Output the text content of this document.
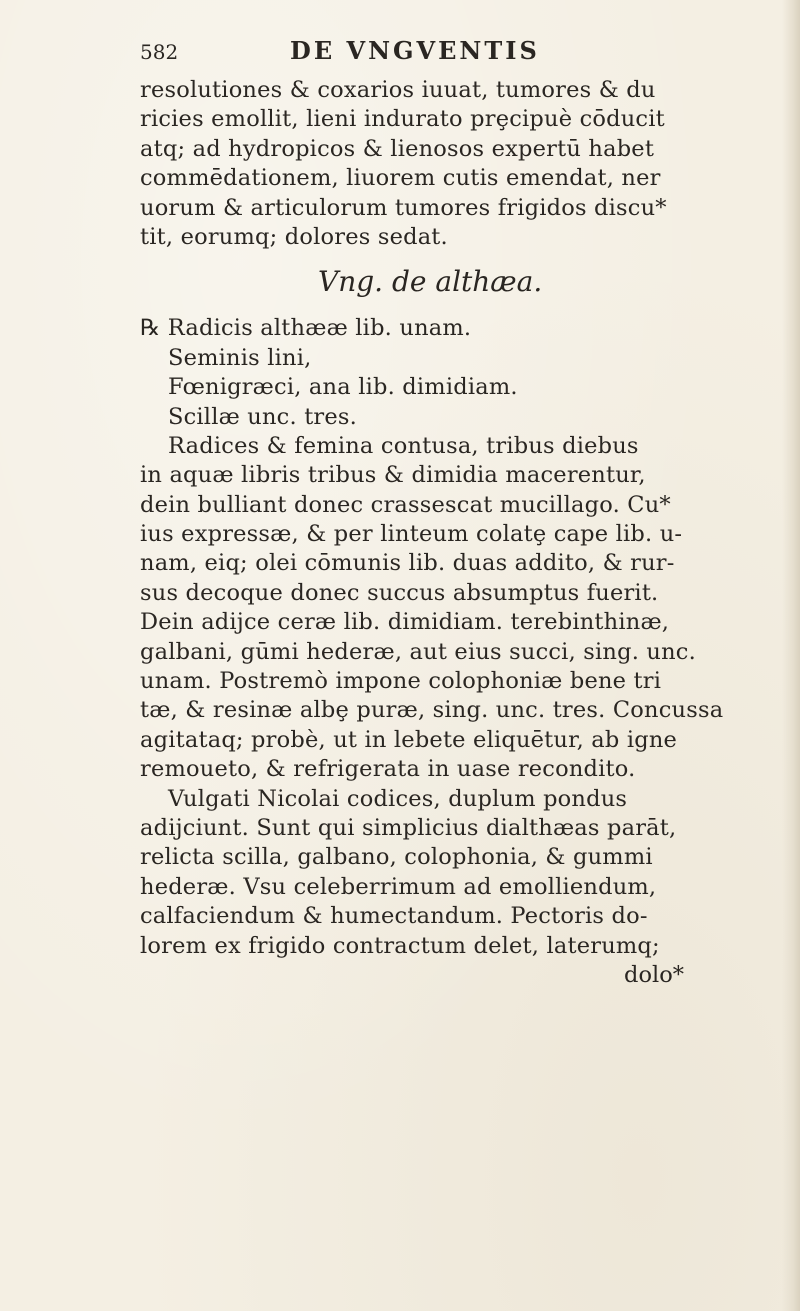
582	DE VNGVENTIS
resolutiones & coxarios iuuat, tumores & du
ricies emollit, lieni indurato prȩcipuè cōducit
atq; ad hydropicos & lienosos expertū habet
commēdationem, liuorem cutis emendat, ner
uorum & articulorum tumores frigidos discu*
tit, eorumq; dolores sedat.
Vng. de althæa.
℞ Radicis althææ lib. unam.
Seminis lini,
Fœnigræci, ana lib. dimidiam.
Scillæ unc. tres.
Radices & femina contusa, tribus diebus
in aquæ libris tribus & dimidia macerentur,
dein bulliant donec crassescat mucillago. Cu*
ius expressæ, & per linteum colatȩ cape lib. u-
nam, eiq; olei cōmunis lib. duas addito, & rur-
sus decoque donec succus absumptus fuerit.
Dein adijce ceræ lib. dimidiam. terebinthinæ,
galbani, gūmi hederæ, aut eius succi, sing. unc.
unam. Postremò impone colophoniæ bene tri
tæ, & resinæ albȩ puræ, sing. unc. tres. Concussa
agitataq; probè, ut in lebete eliquētur, ab igne
remoueto, & refrigerata in uase recondito.
Vulgati Nicolai codices, duplum pondus
adijciunt. Sunt qui simplicius dialthæas parāt,
relicta scilla, galbano, colophonia, & gummi
hederæ. Vsu celeberrimum ad emolliendum,
calfaciendum & humectandum. Pectoris do-
lorem ex frigido contractum delet, laterumq;
dolo*
